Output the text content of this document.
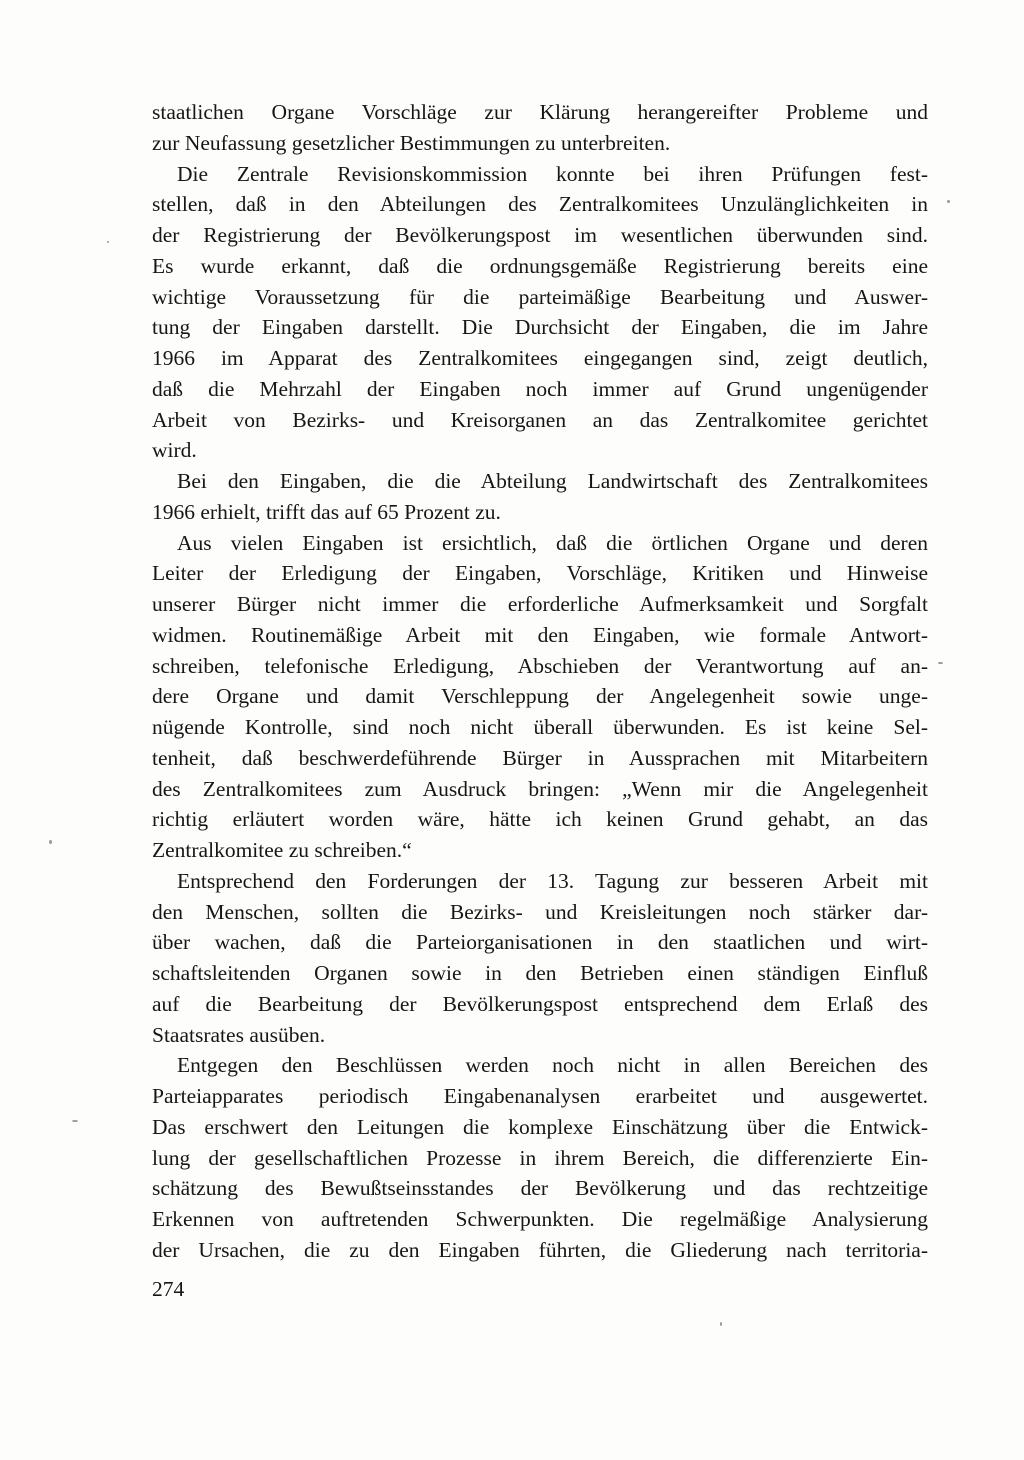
staatlichen Organe Vorschläge zur Klärung herangereifter Probleme und
zur Neufassung gesetzlicher Bestimmungen zu unterbreiten.
Die Zentrale Revisionskommission konnte bei ihren Prüfungen fest-
stellen, daß in den Abteilungen des Zentralkomitees Unzulänglichkeiten in
der Registrierung der Bevölkerungspost im wesentlichen überwunden sind.
Es wurde erkannt, daß die ordnungsgemäße Registrierung bereits eine
wichtige Voraussetzung für die parteimäßige Bearbeitung und Auswer-
tung der Eingaben darstellt. Die Durchsicht der Eingaben, die im Jahre
1966 im Apparat des Zentralkomitees eingegangen sind, zeigt deutlich,
daß die Mehrzahl der Eingaben noch immer auf Grund ungenügender
Arbeit von Bezirks- und Kreisorganen an das Zentralkomitee gerichtet
wird.
Bei den Eingaben, die die Abteilung Landwirtschaft des Zentralkomitees
1966 erhielt, trifft das auf 65 Prozent zu.
Aus vielen Eingaben ist ersichtlich, daß die örtlichen Organe und deren
Leiter der Erledigung der Eingaben, Vorschläge, Kritiken und Hinweise
unserer Bürger nicht immer die erforderliche Aufmerksamkeit und Sorgfalt
widmen. Routinemäßige Arbeit mit den Eingaben, wie formale Antwort-
schreiben, telefonische Erledigung, Abschieben der Verantwortung auf an-
dere Organe und damit Verschleppung der Angelegenheit sowie unge-
nügende Kontrolle, sind noch nicht überall überwunden. Es ist keine Sel-
tenheit, daß beschwerdeführende Bürger in Aussprachen mit Mitarbeitern
des Zentralkomitees zum Ausdruck bringen: „Wenn mir die Angelegenheit
richtig erläutert worden wäre, hätte ich keinen Grund gehabt, an das
Zentralkomitee zu schreiben.“
Entsprechend den Forderungen der 13. Tagung zur besseren Arbeit mit
den Menschen, sollten die Bezirks- und Kreisleitungen noch stärker dar-
über wachen, daß die Parteiorganisationen in den staatlichen und wirt-
schaftsleitenden Organen sowie in den Betrieben einen ständigen Einfluß
auf die Bearbeitung der Bevölkerungspost entsprechend dem Erlaß des
Staatsrates ausüben.
Entgegen den Beschlüssen werden noch nicht in allen Bereichen des
Parteiapparates periodisch Eingabenanalysen erarbeitet und ausgewertet.
Das erschwert den Leitungen die komplexe Einschätzung über die Entwick-
lung der gesellschaftlichen Prozesse in ihrem Bereich, die differenzierte Ein-
schätzung des Bewußtseinsstandes der Bevölkerung und das rechtzeitige
Erkennen von auftretenden Schwerpunkten. Die regelmäßige Analysierung
der Ursachen, die zu den Eingaben führten, die Gliederung nach territoria-
274
